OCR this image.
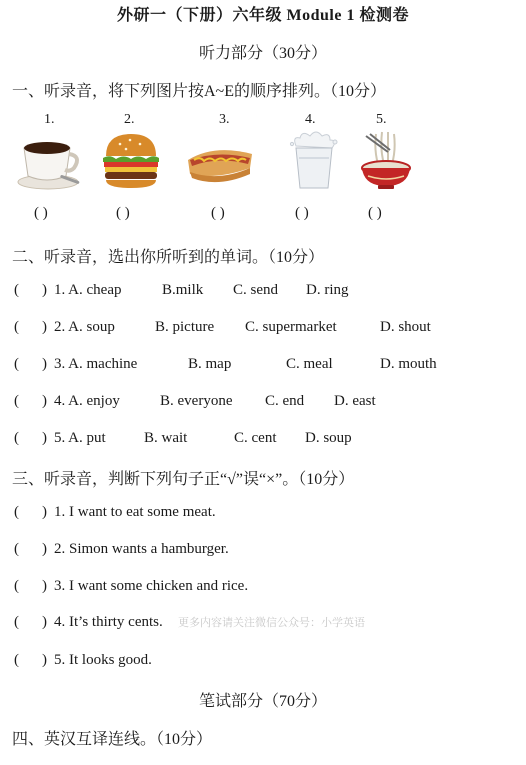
外研一（下册）六年级 Module 1 检测卷
听力部分（30分）
一、听录音，将下列图片按A~E的顺序排列。（10分）
1.	2.	3.	4.	5.
( )	( )	( )	( )	( )
二、听录音，选出你所听到的单词。（10分）
( ) 1. A. cheap	B.milk C. send D. ring
( ) 2. A. soup	B. picture C. supermarket	D. shout
( ) 3. A. machine	B. map	C. meal	D. mouth
( ) 4. A. enjoy	B. everyone C. end D. east
( ) 5. A. put	B. wait	C. cent D. soup
三、听录音，判断下列句子正“√”误“×”。（10分）
( ) 1. I want to eat some meat.
( ) 2. Simon wants a hamburger.
( ) 3. I want some chicken and rice.
( ) 4. It’s thirty cents. 更多内容请关注微信公众号：小学英语
( ) 5. It looks good.
笔试部分（70分）
四、英汉互译连线。（10分）
